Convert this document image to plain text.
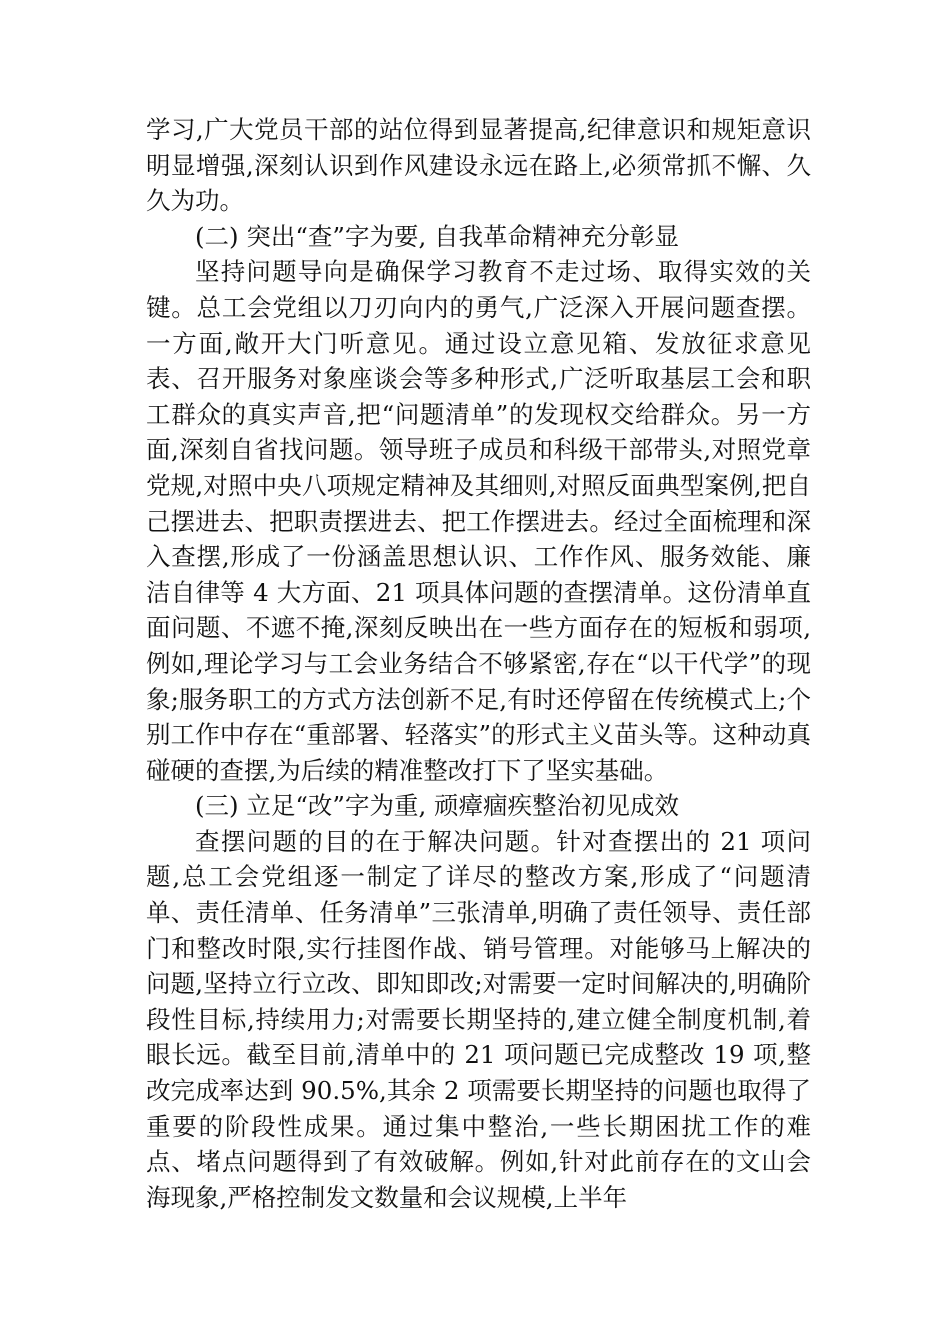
学习,广大党员干部的站位得到显著提高,纪律意识和规矩意识明显增强,深刻认识到作风建设永远在路上,必须常抓不懈、久久为功。

(二) 突出“查”字为要, 自我革命精神充分彰显

坚持问题导向是确保学习教育不走过场、取得实效的关键。总工会党组以刀刃向内的勇气,广泛深入开展问题查摆。一方面,敞开大门听意见。通过设立意见箱、发放征求意见表、召开服务对象座谈会等多种形式,广泛听取基层工会和职工群众的真实声音,把“问题清单”的发现权交给群众。另一方面,深刻自省找问题。领导班子成员和科级干部带头,对照党章党规,对照中央八项规定精神及其细则,对照反面典型案例,把自己摆进去、把职责摆进去、把工作摆进去。经过全面梳理和深入查摆,形成了一份涵盖思想认识、工作作风、服务效能、廉洁自律等 4 大方面、21 项具体问题的查摆清单。这份清单直面问题、不遮不掩,深刻反映出在一些方面存在的短板和弱项,例如,理论学习与工会业务结合不够紧密,存在“以干代学”的现象;服务职工的方式方法创新不足,有时还停留在传统模式上;个别工作中存在“重部署、轻落实”的形式主义苗头等。这种动真碰硬的查摆,为后续的精准整改打下了坚实基础。

(三) 立足“改”字为重, 顽瘴痼疾整治初见成效

查摆问题的目的在于解决问题。针对查摆出的 21 项问题,总工会党组逐一制定了详尽的整改方案,形成了“问题清单、责任清单、任务清单”三张清单,明确了责任领导、责任部门和整改时限,实行挂图作战、销号管理。对能够马上解决的问题,坚持立行立改、即知即改;对需要一定时间解决的,明确阶段性目标,持续用力;对需要长期坚持的,建立健全制度机制,着眼长远。截至目前,清单中的 21 项问题已完成整改 19 项,整改完成率达到 90.5%,其余 2 项需要长期坚持的问题也取得了重要的阶段性成果。通过集中整治,一些长期困扰工作的难点、堵点问题得到了有效破解。例如,针对此前存在的文山会海现象,严格控制发文数量和会议规模,上半年
